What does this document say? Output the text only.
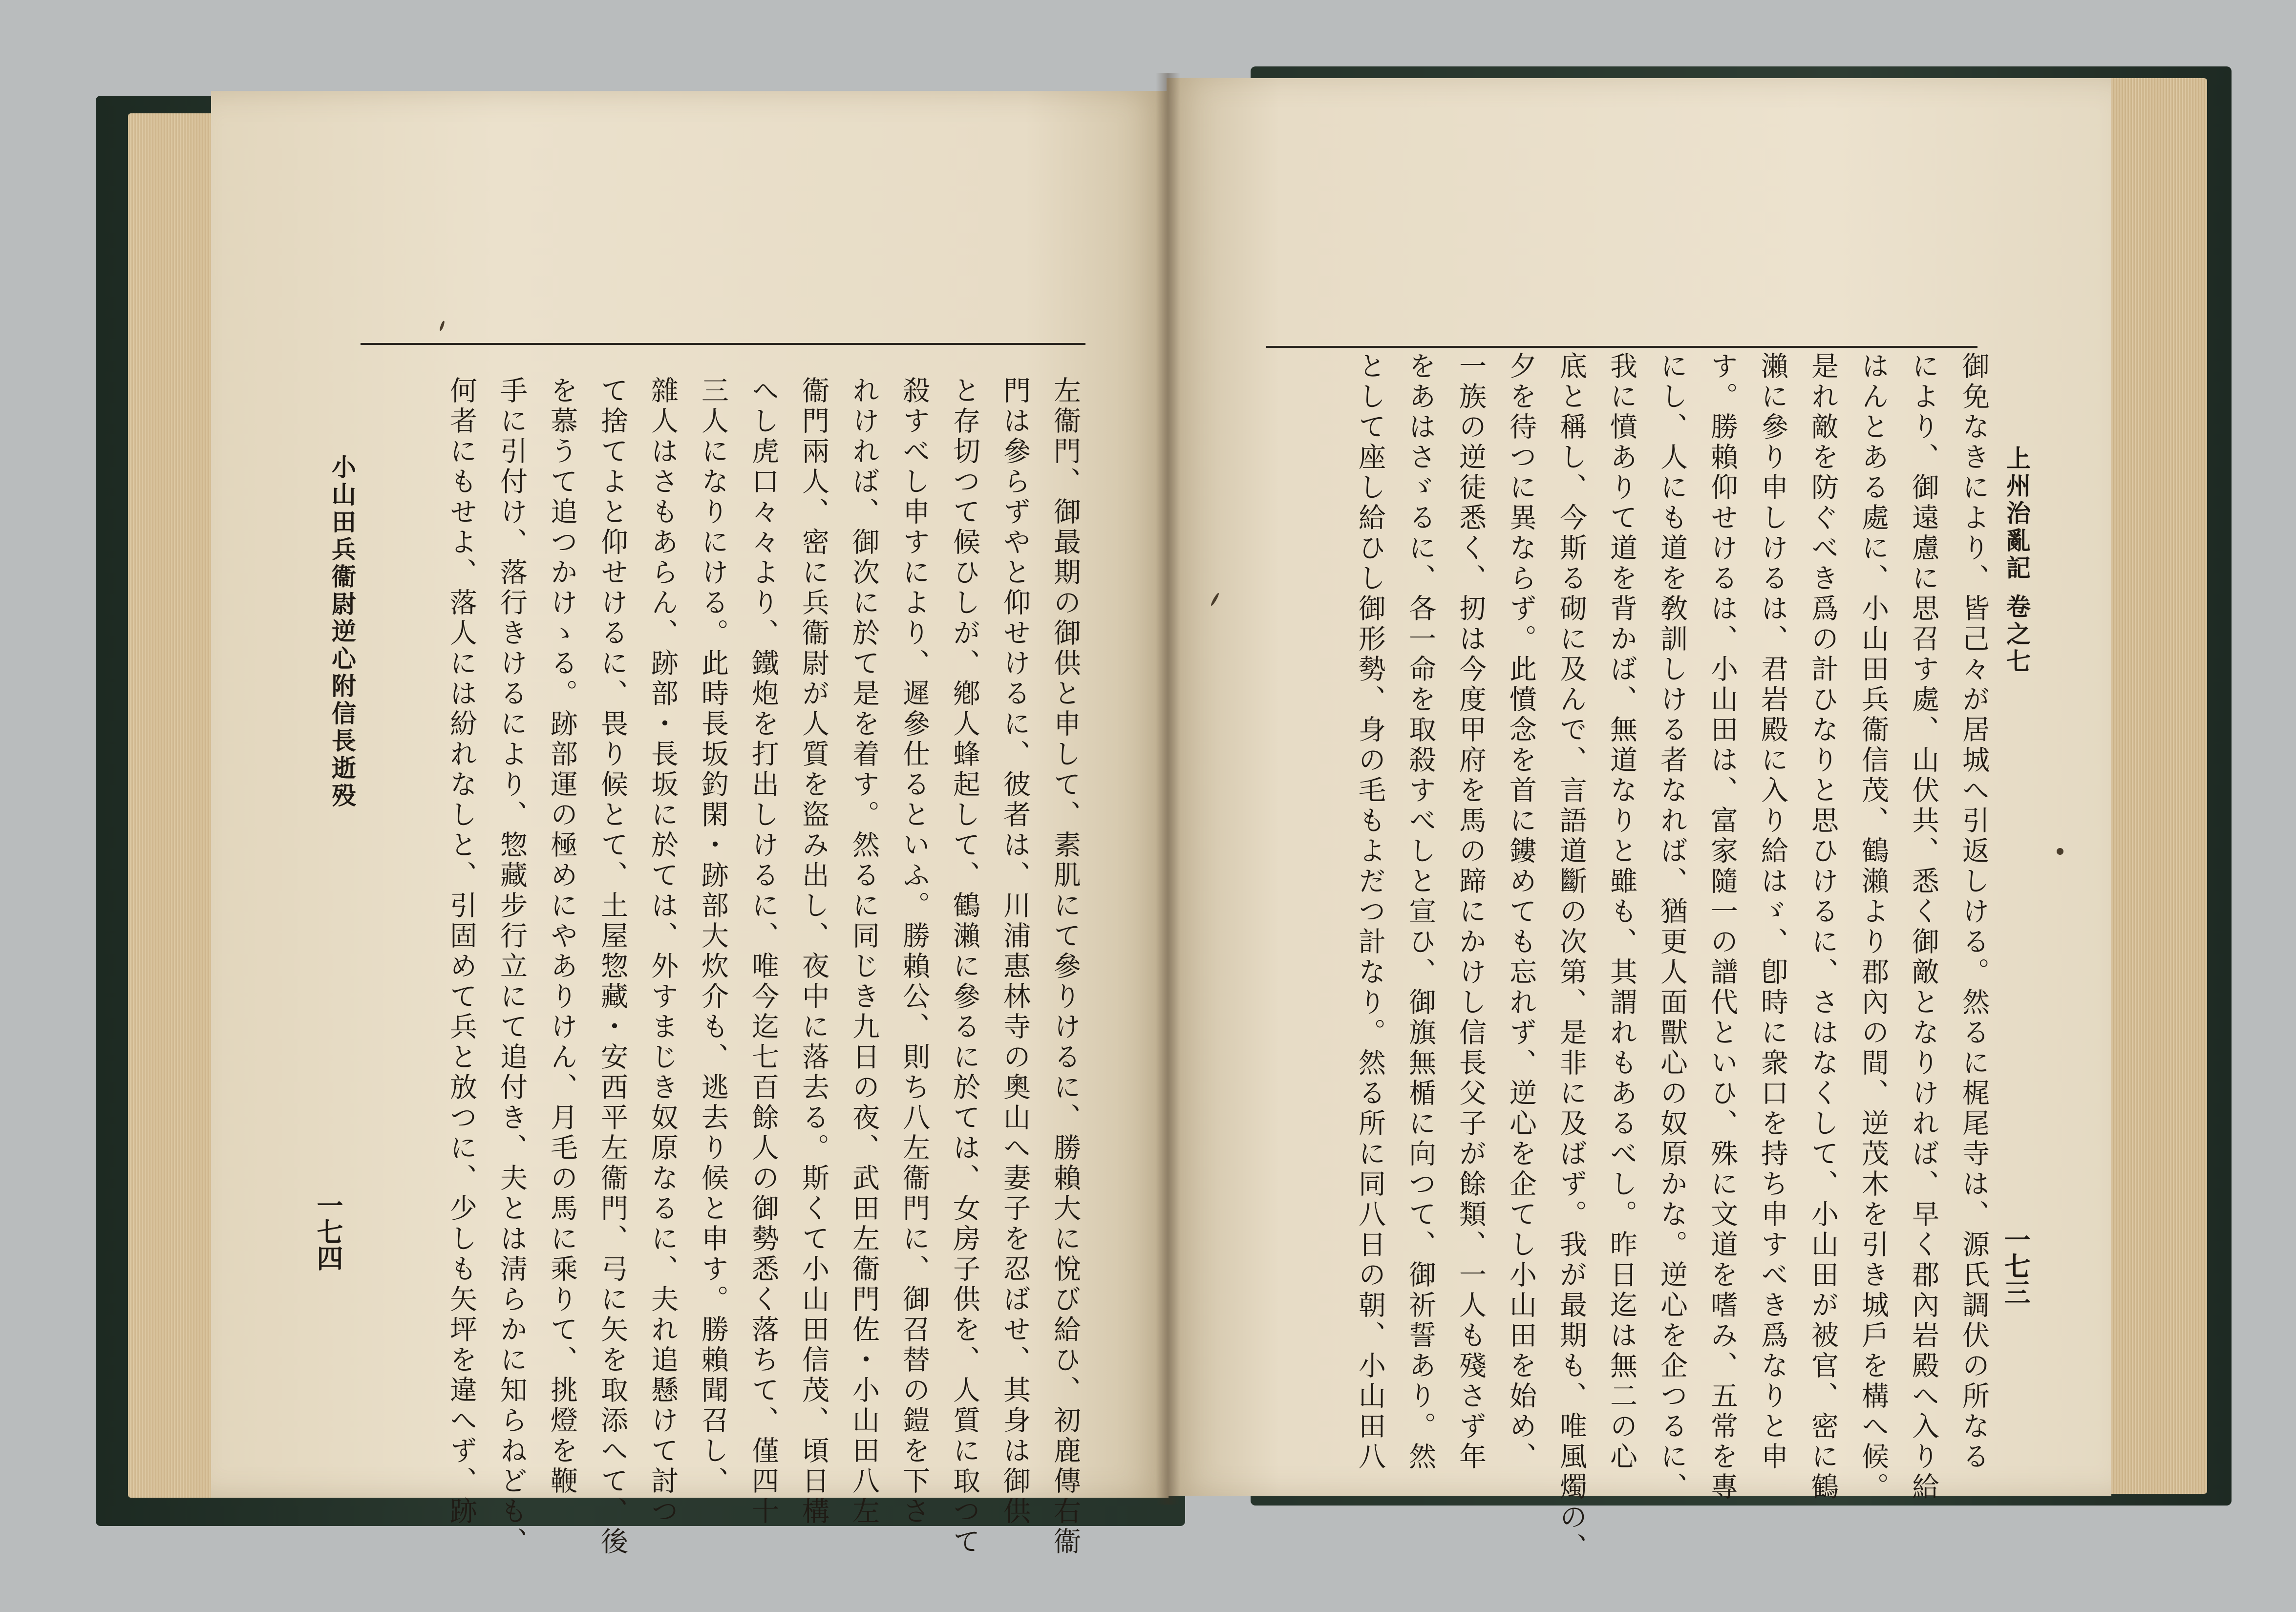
上州治亂記 卷之七
一七三
御免なきにより、皆己々が居城へ引返しける。然るに梶尾寺は、源氏調伏の所なる
により、御遠慮に思召す處、山伏共、悉く御敵となりければ、早く郡內岩殿へ入り給
はんとある處に、小山田兵衞信茂、鶴瀨より郡內の間、逆茂木を引き城戶を構へ候。
是れ敵を防ぐべき爲の計ひなりと思ひけるに、さはなくして、小山田が被官、密に鶴
瀨に參り申しけるは、君岩殿に入り給はゞ、卽時に衆口を持ち申すべき爲なりと申
す。勝賴仰せけるは、小山田は、富家隨一の譜代といひ、殊に文道を嗜み、五常を專
にし、人にも道を敎訓しける者なれば、猶更人面獸心の奴原かな。逆心を企つるに、
我に憤ありて道を背かば、無道なりと雖も、其謂れもあるべし。昨日迄は無二の心
底と稱し、今斯る砌に及んで、言語道斷の次第、是非に及ばず。我が最期も、唯風燭の、
夕を待つに異ならず。此憤念を首に鏤めても忘れず、逆心を企てし小山田を始め、
一族の逆徒悉く、扨は今度甲府を馬の蹄にかけし信長父子が餘類、一人も殘さず年
をあはさゞるに、各一命を取殺すべしと宣ひ、御旗無楯に向つて、御祈誓あり。然
として座し給ひし御形勢、身の毛もよだつ計なり。然る所に同八日の朝、小山田八
左衞門、御最期の御供と申して、素肌にて參りけるに、勝賴大に悅び給ひ、初鹿傳右衞
門は參らずやと仰せけるに、彼者は、川浦惠林寺の奧山へ妻子を忍ばせ、其身は御供
と存切つて候ひしが、鄕人蜂起して、鶴瀨に參るに於ては、女房子供を、人質に取つて
殺すべし申すにより、遲參仕るといふ。勝賴公、則ち八左衞門に、御召替の鎧を下さ
れければ、御次に於て是を着す。然るに同じき九日の夜、武田左衞門佐・小山田八左
衞門兩人、密に兵衞尉が人質を盜み出し、夜中に落去る。斯くて小山田信茂、頃日構
へし虎口々々より、鐵炮を打出しけるに、唯今迄七百餘人の御勢悉く落ちて、僅四十
三人になりにける。此時長坂釣閑・跡部大炊介も、逃去り候と申す。勝賴聞召し、
雜人はさもあらん、跡部・長坂に於ては、外すまじき奴原なるに、夫れ追懸けて討つ
て捨てよと仰せけるに、畏り候とて、土屋惣藏・安西平左衞門、弓に矢を取添へて、後
を慕うて追つかけゝる。跡部運の極めにやありけん、月毛の馬に乘りて、挑燈を鞭
手に引付け、落行きけるにより、惣藏步行立にて追付き、夫とは淸らかに知らねども、
何者にもせよ、落人には紛れなしと、引固めて兵と放つに、少しも矢坪を違へず、跡
小山田兵衞尉逆心附信長逝殁
一七四
